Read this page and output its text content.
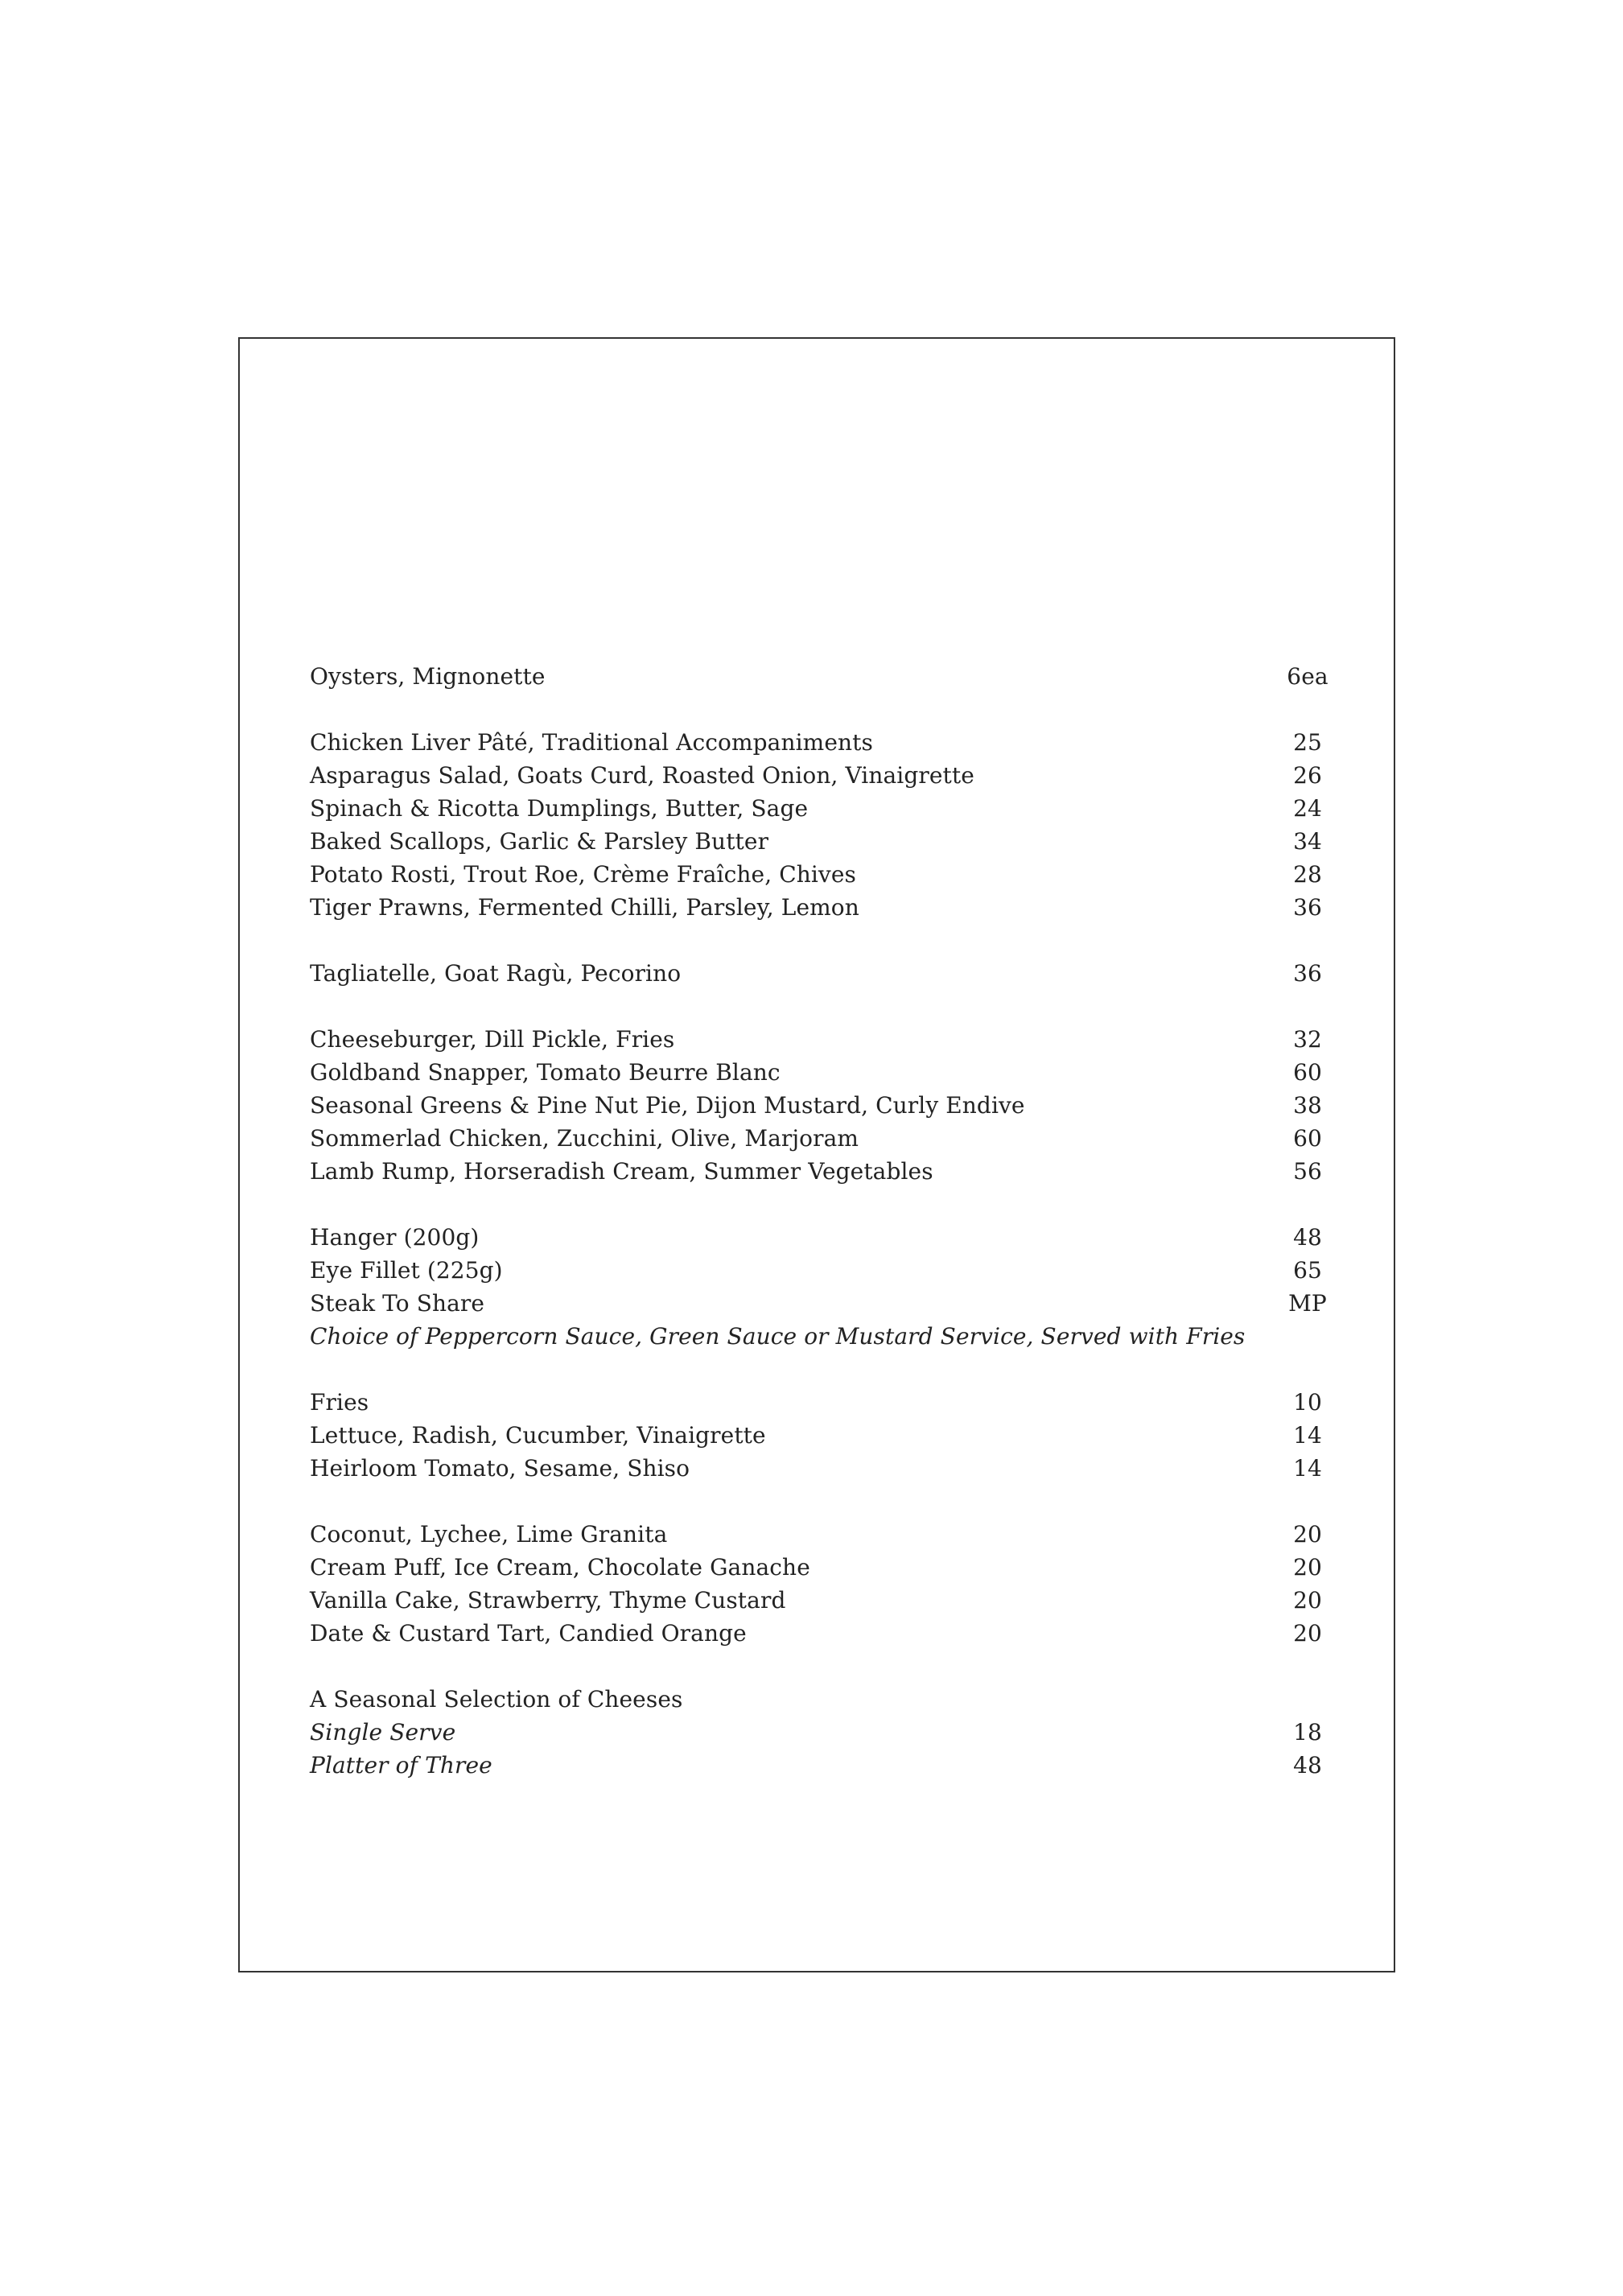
Oysters, Mignonette	6ea
Chicken Liver Pâté, Traditional Accompaniments	25
Asparagus Salad, Goats Curd, Roasted Onion, Vinaigrette	26
Spinach & Ricotta Dumplings, Butter, Sage	24
Baked Scallops, Garlic & Parsley Butter	34
Potato Rosti, Trout Roe, Crème Fraîche, Chives	28
Tiger Prawns, Fermented Chilli, Parsley, Lemon	36
Tagliatelle, Goat Ragù, Pecorino	36
Cheeseburger, Dill Pickle, Fries	32
Goldband Snapper, Tomato Beurre Blanc	60
Seasonal Greens & Pine Nut Pie, Dijon Mustard, Curly Endive	38
Sommerlad Chicken, Zucchini, Olive, Marjoram	60
Lamb Rump, Horseradish Cream, Summer Vegetables	56
Hanger (200g)	48
Eye Fillet (225g)	65
Steak To Share	MP
Choice of Peppercorn Sauce, Green Sauce or Mustard Service, Served with Fries
Fries	10
Lettuce, Radish, Cucumber, Vinaigrette	14
Heirloom Tomato, Sesame, Shiso	14
Coconut, Lychee, Lime Granita	20
Cream Puff, Ice Cream, Chocolate Ganache	20
Vanilla Cake, Strawberry, Thyme Custard	20
Date & Custard Tart, Candied Orange	20
A Seasonal Selection of Cheeses
Single Serve	18
Platter of Three	48
